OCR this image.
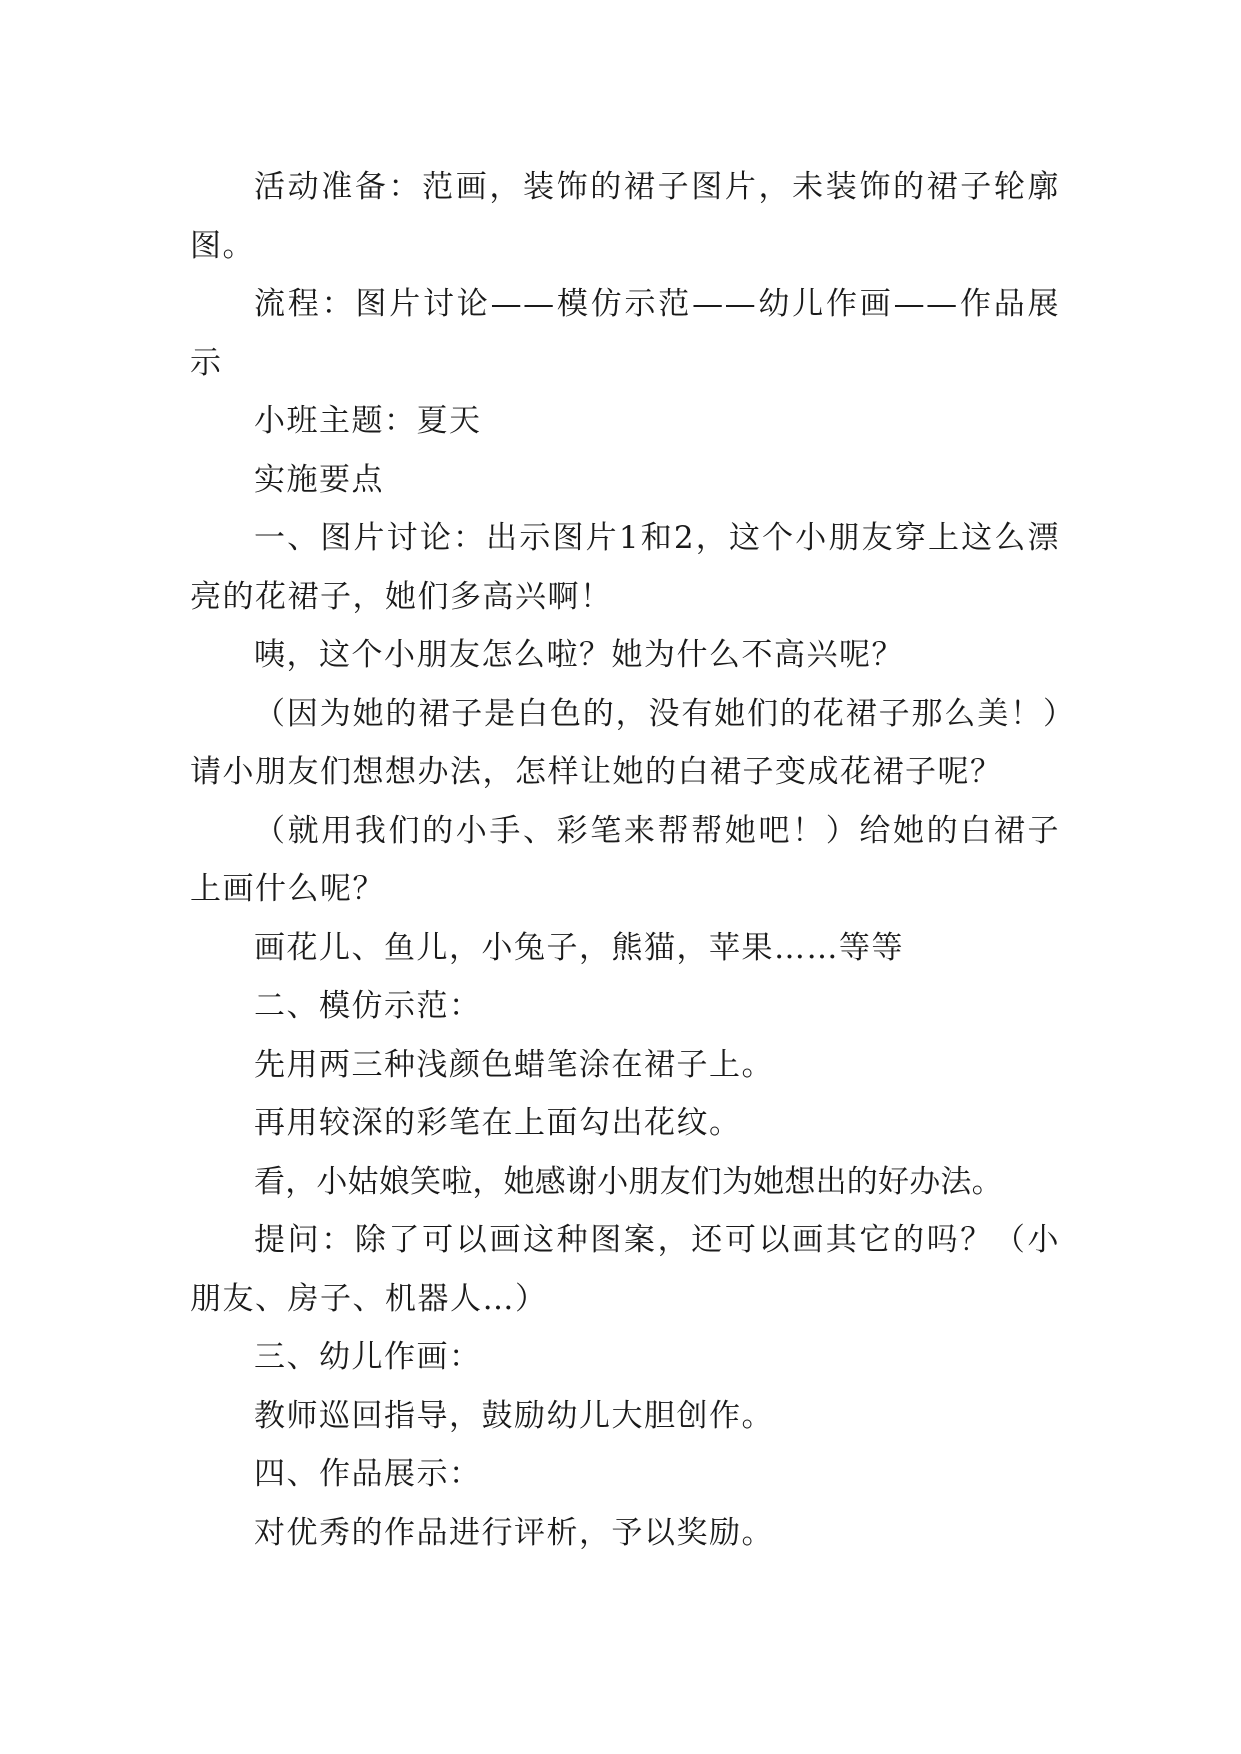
活动准备：范画，装饰的裙子图片，未装饰的裙子轮廓图。

流程：图片讨论——模仿示范——幼儿作画——作品展示

小班主题：夏天

实施要点

一、图片讨论：出示图片1和2，这个小朋友穿上这么漂亮的花裙子，她们多高兴啊！

咦，这个小朋友怎么啦？她为什么不高兴呢？

（因为她的裙子是白色的，没有她们的花裙子那么美！）请小朋友们想想办法，怎样让她的白裙子变成花裙子呢？

（就用我们的小手、彩笔来帮帮她吧！）给她的白裙子上画什么呢？

画花儿、鱼儿，小兔子，熊猫，苹果……等等

二、模仿示范：

先用两三种浅颜色蜡笔涂在裙子上。

再用较深的彩笔在上面勾出花纹。

看，小姑娘笑啦，她感谢小朋友们为她想出的好办法。

提问：除了可以画这种图案，还可以画其它的吗？（小朋友、房子、机器人…）

三、幼儿作画：

教师巡回指导，鼓励幼儿大胆创作。

四、作品展示：

对优秀的作品进行评析，予以奖励。
